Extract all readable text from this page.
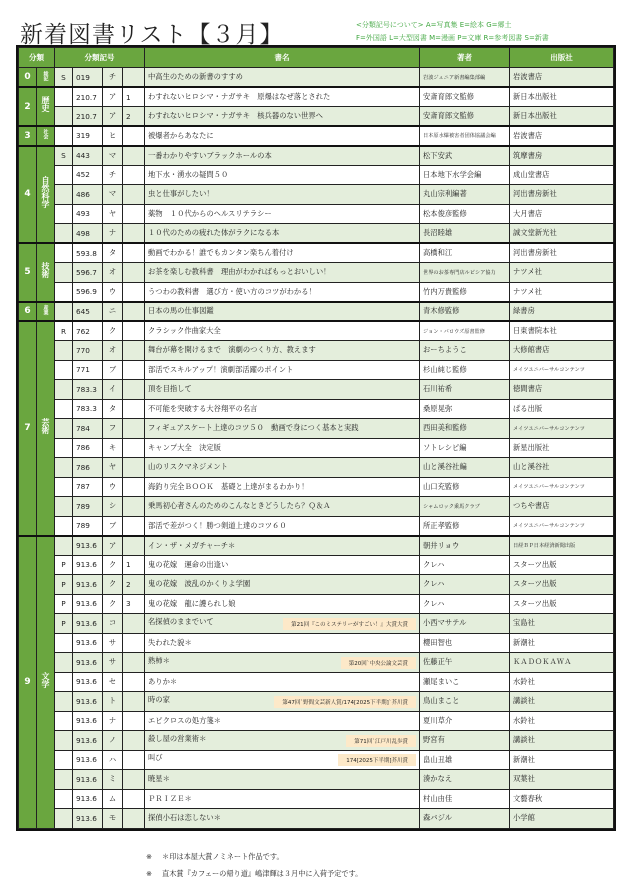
新着図書リスト【３月】	<分類記号について> A=写真集 E=絵本 G=郷土
F=外国語 L=大型図書 M=漫画 P=文庫 R=参考図書 S=新書
分類		分類記号				書名	著者	出版社
0	総記	S	019	チ		中高生のための新書のすすめ	岩波ジュニア新書編集部編	岩波書店
2	歴史		210.7	ア	1	わすれないヒロシマ・ナガサキ　原爆はなぜ落とされた	安斎育郎文監修	新日本出版社
			210.7	ア	2	わすれないヒロシマ・ナガサキ　核兵器のない世界へ	安斎育郎文監修	新日本出版社
3	社会		319	ヒ		被爆者からあなたに	日本原水爆被害者団体協議会編	岩波書店
4	自然科学	S	443	マ		一番わかりやすいブラックホールの本	松下安武	筑摩書房
			452	チ		地下水・湧水の疑問５０	日本地下水学会編	成山堂書店
			486	マ		虫と仕事がしたい！	丸山宗利編著	河出書房新社
			493	ヤ		薬物　１０代からのヘルスリテラシー	松本俊彦監修	大月書店
			498	ナ		１０代のための疲れた体がラクになる本	長沼睦雄	誠文堂新光社
5	技術		593.8	タ		動画でわかる！誰でもカンタン楽ちん着付け	高橋和江	河出書房新社
			596.7	オ		お茶を楽しむ教科書　理由がわかればもっとおいしい！	世界のお茶専門店ルピシア協力	ナツメ社
			596.9	ウ		うつわの教科書　選び方・使い方のコツがわかる！	竹内万貴監修	ナツメ社
6	産業		645	ニ		日本の馬の仕事図鑑	青木修監修	緑書房
7	芸術	R	762	ク		クラシック作曲家大全	ジョン・バロウズ原書監修	日東書院本社
			770	オ		舞台が幕を開けるまで　演劇のつくり方、教えます	おーちようこ	大修館書店
			771	ブ		部活でスキルアップ！演劇部活躍のポイント	杉山純じ監修	メイツユニバーサルコンテンツ
			783.3	イ		頂を目指して	石川祐希	徳間書店
			783.3	タ		不可能を突破する大谷翔平の名言	桑原晃弥	ぱる出版
			784	フ		フィギュアスケート上達のコツ５０　動画で身につく基本と実践	西田美和監修	メイツユニバーサルコンテンツ
			786	キ		キャンプ大全　決定版	ソトレシピ編	新星出版社
			786	ヤ		山のリスクマネジメント	山と溪谷社編	山と溪谷社
			787	ウ		海釣り完全ＢＯＯＫ　基礎と上達がまるわかり！	山口充監修	メイツユニバーサルコンテンツ
			789	シ		乗馬初心者さんのためのこんなときどうしたら？Ｑ＆Ａ	シャムロック乗馬クラブ	つちや書店
			789	ブ		部活で差がつく！勝つ剣道上達のコツ６０	所正孝監修	メイツユニバーサルコンテンツ
9	文学		913.6	ア		イン・ザ・メガチャーチ＊	朝井リョウ	日経ＢＰ日本経済新聞出版
		P	913.6	ク	1	鬼の花嫁　運命の出逢い	クレハ	スターツ出版
		P	913.6	ク	2	鬼の花嫁　波乱のかくりよ学園	クレハ	スターツ出版
		P	913.6	ク	3	鬼の花嫁　龍に護られし娘	クレハ	スターツ出版
		P	913.6	コ		名探偵のままでいて 第21回『このミステリーがすごい！』大賞大賞	小西マサテル	宝島社
			913.6	サ		失われた貌＊	櫻田智也	新潮社
			913.6	サ		熟柿＊ 第20回`中央公論文芸賞	佐藤正午	ＫＡＤＯＫＡＷＡ
			913.6	セ		ありか＊	瀬尾まいこ	水鈴社
			913.6	ト		時の家 第47回`野間文芸新人賞/174[2025下半期]`芥川賞	鳥山まこと	講談社
			913.6	ナ		エピクロスの処方箋＊	夏川草介	水鈴社
			913.6	ノ		殺し屋の営業術＊ 第71回`江戸川乱歩賞	野宮有	講談社
			913.6	ハ		叫び 174[2025下半期]芥川賞	畠山丑雄	新潮社
			913.6	ミ		暁星＊	湊かなえ	双葉社
			913.6	ム		ＰＲＩＺＥ＊	村山由佳	文藝春秋
			913.6	モ		探偵小石は恋しない＊	森バジル	小学館
※ ＊印は本屋大賞ノミネート作品です。
※ 直木賞『カフェーの帰り道』嶋津輝は３月中に入荷予定です。
